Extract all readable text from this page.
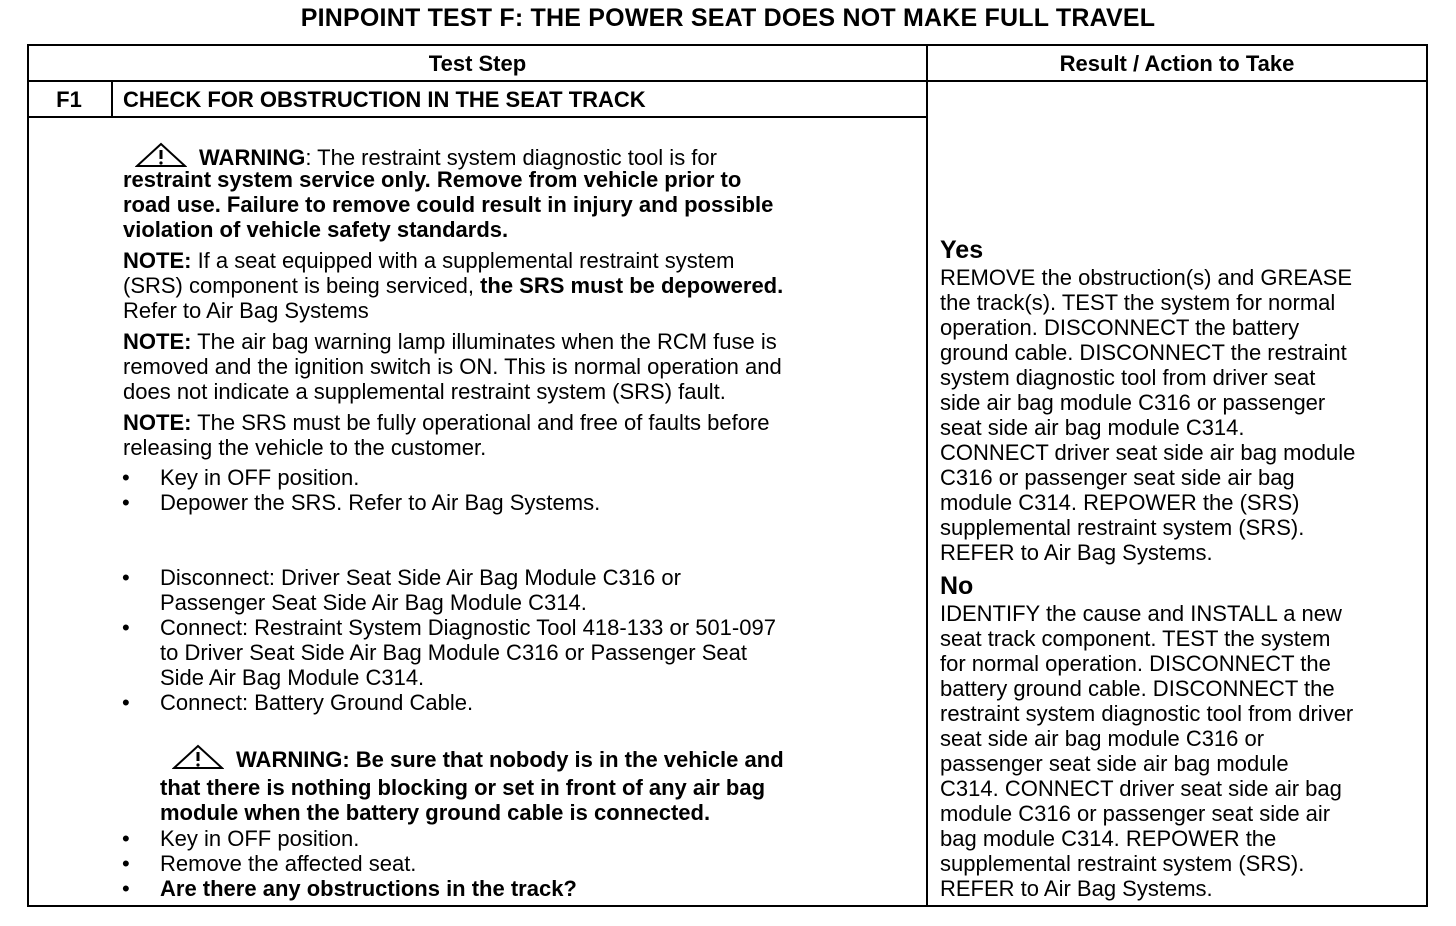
PINPOINT TEST F: THE POWER SEAT DOES NOT MAKE FULL TRAVEL
Test Step	Result / Action to Take
F1	CHECK FOR OBSTRUCTION IN THE SEAT TRACK
WARNING: The restraint system diagnostic tool is for
restraint system service only. Remove from vehicle prior to
road use. Failure to remove could result in injury and possible
violation of vehicle safety standards.
NOTE: If a seat equipped with a supplemental restraint system
(SRS) component is being serviced, the SRS must be depowered.
Refer to Air Bag Systems
NOTE: The air bag warning lamp illuminates when the RCM fuse is
removed and the ignition switch is ON. This is normal operation and
does not indicate a supplemental restraint system (SRS) fault.
NOTE: The SRS must be fully operational and free of faults before
releasing the vehicle to the customer.
• Key in OFF position.
• Depower the SRS. Refer to Air Bag Systems.
• Disconnect: Driver Seat Side Air Bag Module C316 or
Passenger Seat Side Air Bag Module C314.
• Connect: Restraint System Diagnostic Tool 418-133 or 501-097
to Driver Seat Side Air Bag Module C316 or Passenger Seat
Side Air Bag Module C314.
• Connect: Battery Ground Cable.
WARNING: Be sure that nobody is in the vehicle and
that there is nothing blocking or set in front of any air bag
module when the battery ground cable is connected.
• Key in OFF position.
• Remove the affected seat.
• Are there any obstructions in the track?
Yes
REMOVE the obstruction(s) and GREASE
the track(s). TEST the system for normal
operation. DISCONNECT the battery
ground cable. DISCONNECT the restraint
system diagnostic tool from driver seat
side air bag module C316 or passenger
seat side air bag module C314.
CONNECT driver seat side air bag module
C316 or passenger seat side air bag
module C314. REPOWER the (SRS)
supplemental restraint system (SRS).
REFER to Air Bag Systems.
No
IDENTIFY the cause and INSTALL a new
seat track component. TEST the system
for normal operation. DISCONNECT the
battery ground cable. DISCONNECT the
restraint system diagnostic tool from driver
seat side air bag module C316 or
passenger seat side air bag module
C314. CONNECT driver seat side air bag
module C316 or passenger seat side air
bag module C314. REPOWER the
supplemental restraint system (SRS).
REFER to Air Bag Systems.
